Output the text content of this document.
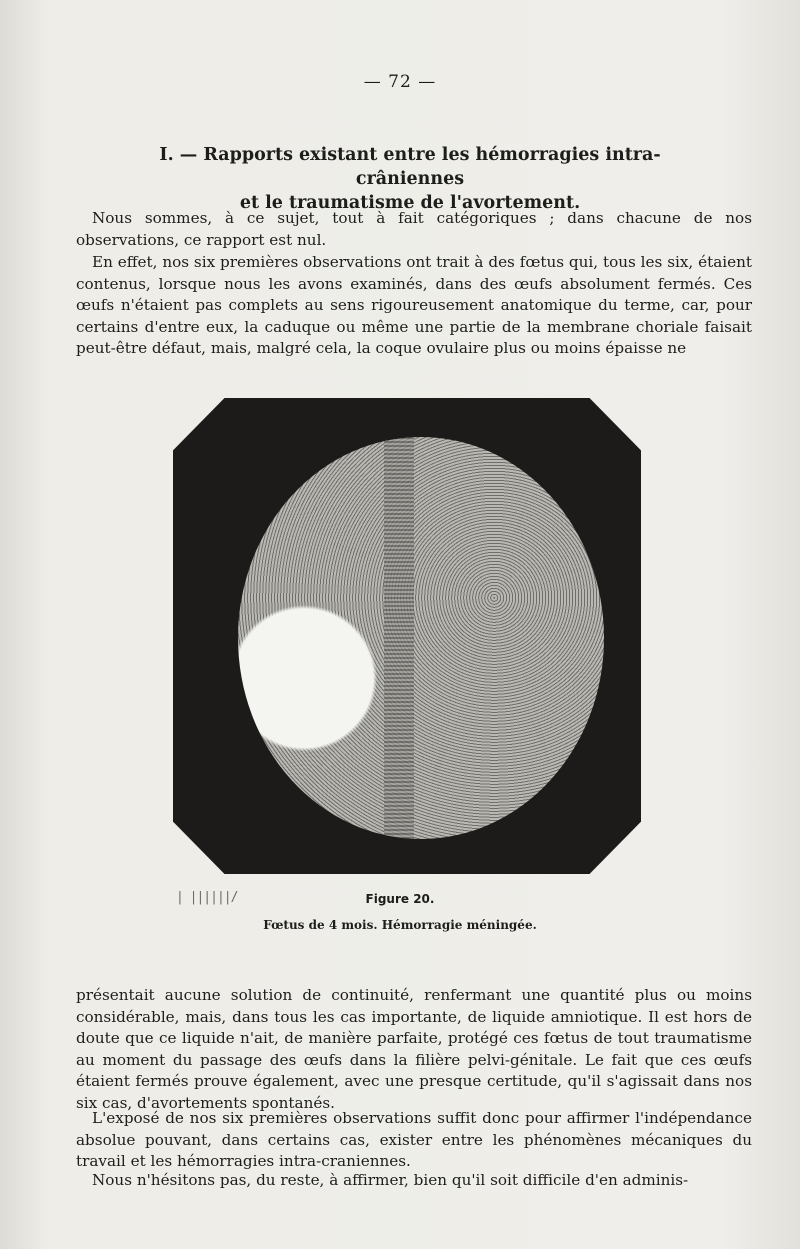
— 72 —
I. — Rapports existant entre les hémorragies intra-crâniennes
et le traumatisme de l'avortement.

Nous sommes, à ce sujet, tout à fait catégoriques ; dans chacune de nos observations, ce rapport est nul.

En effet, nos six premières observations ont trait à des fœtus qui, tous les six, étaient contenus, lorsque nous les avons examinés, dans des œufs absolument fermés. Ces œufs n'étaient pas complets au sens rigoureusement anatomique du terme, car, pour certains d'entre eux, la caduque ou même une partie de la membrane choriale faisait peut-être défaut, mais, malgré cela, la coque ovulaire plus ou moins épaisse ne

| ||||||/	Figure 20.
Fœtus de 4 mois. Hémorragie méningée.

présentait aucune solution de continuité, renfermant une quantité plus ou moins considérable, mais, dans tous les cas importante, de liquide amniotique. Il est hors de doute que ce liquide n'ait, de manière parfaite, protégé ces fœtus de tout traumatisme au moment du passage des œufs dans la filière pelvi-génitale. Le fait que ces œufs étaient fermés prouve également, avec une presque certitude, qu'il s'agissait dans nos six cas, d'avortements spontanés.

L'exposé de nos six premières observations suffit donc pour affirmer l'indépendance absolue pouvant, dans certains cas, exister entre les phénomènes mécaniques du travail et les hémorragies intra-craniennes.

Nous n'hésitons pas, du reste, à affirmer, bien qu'il soit difficile d'en adminis-
